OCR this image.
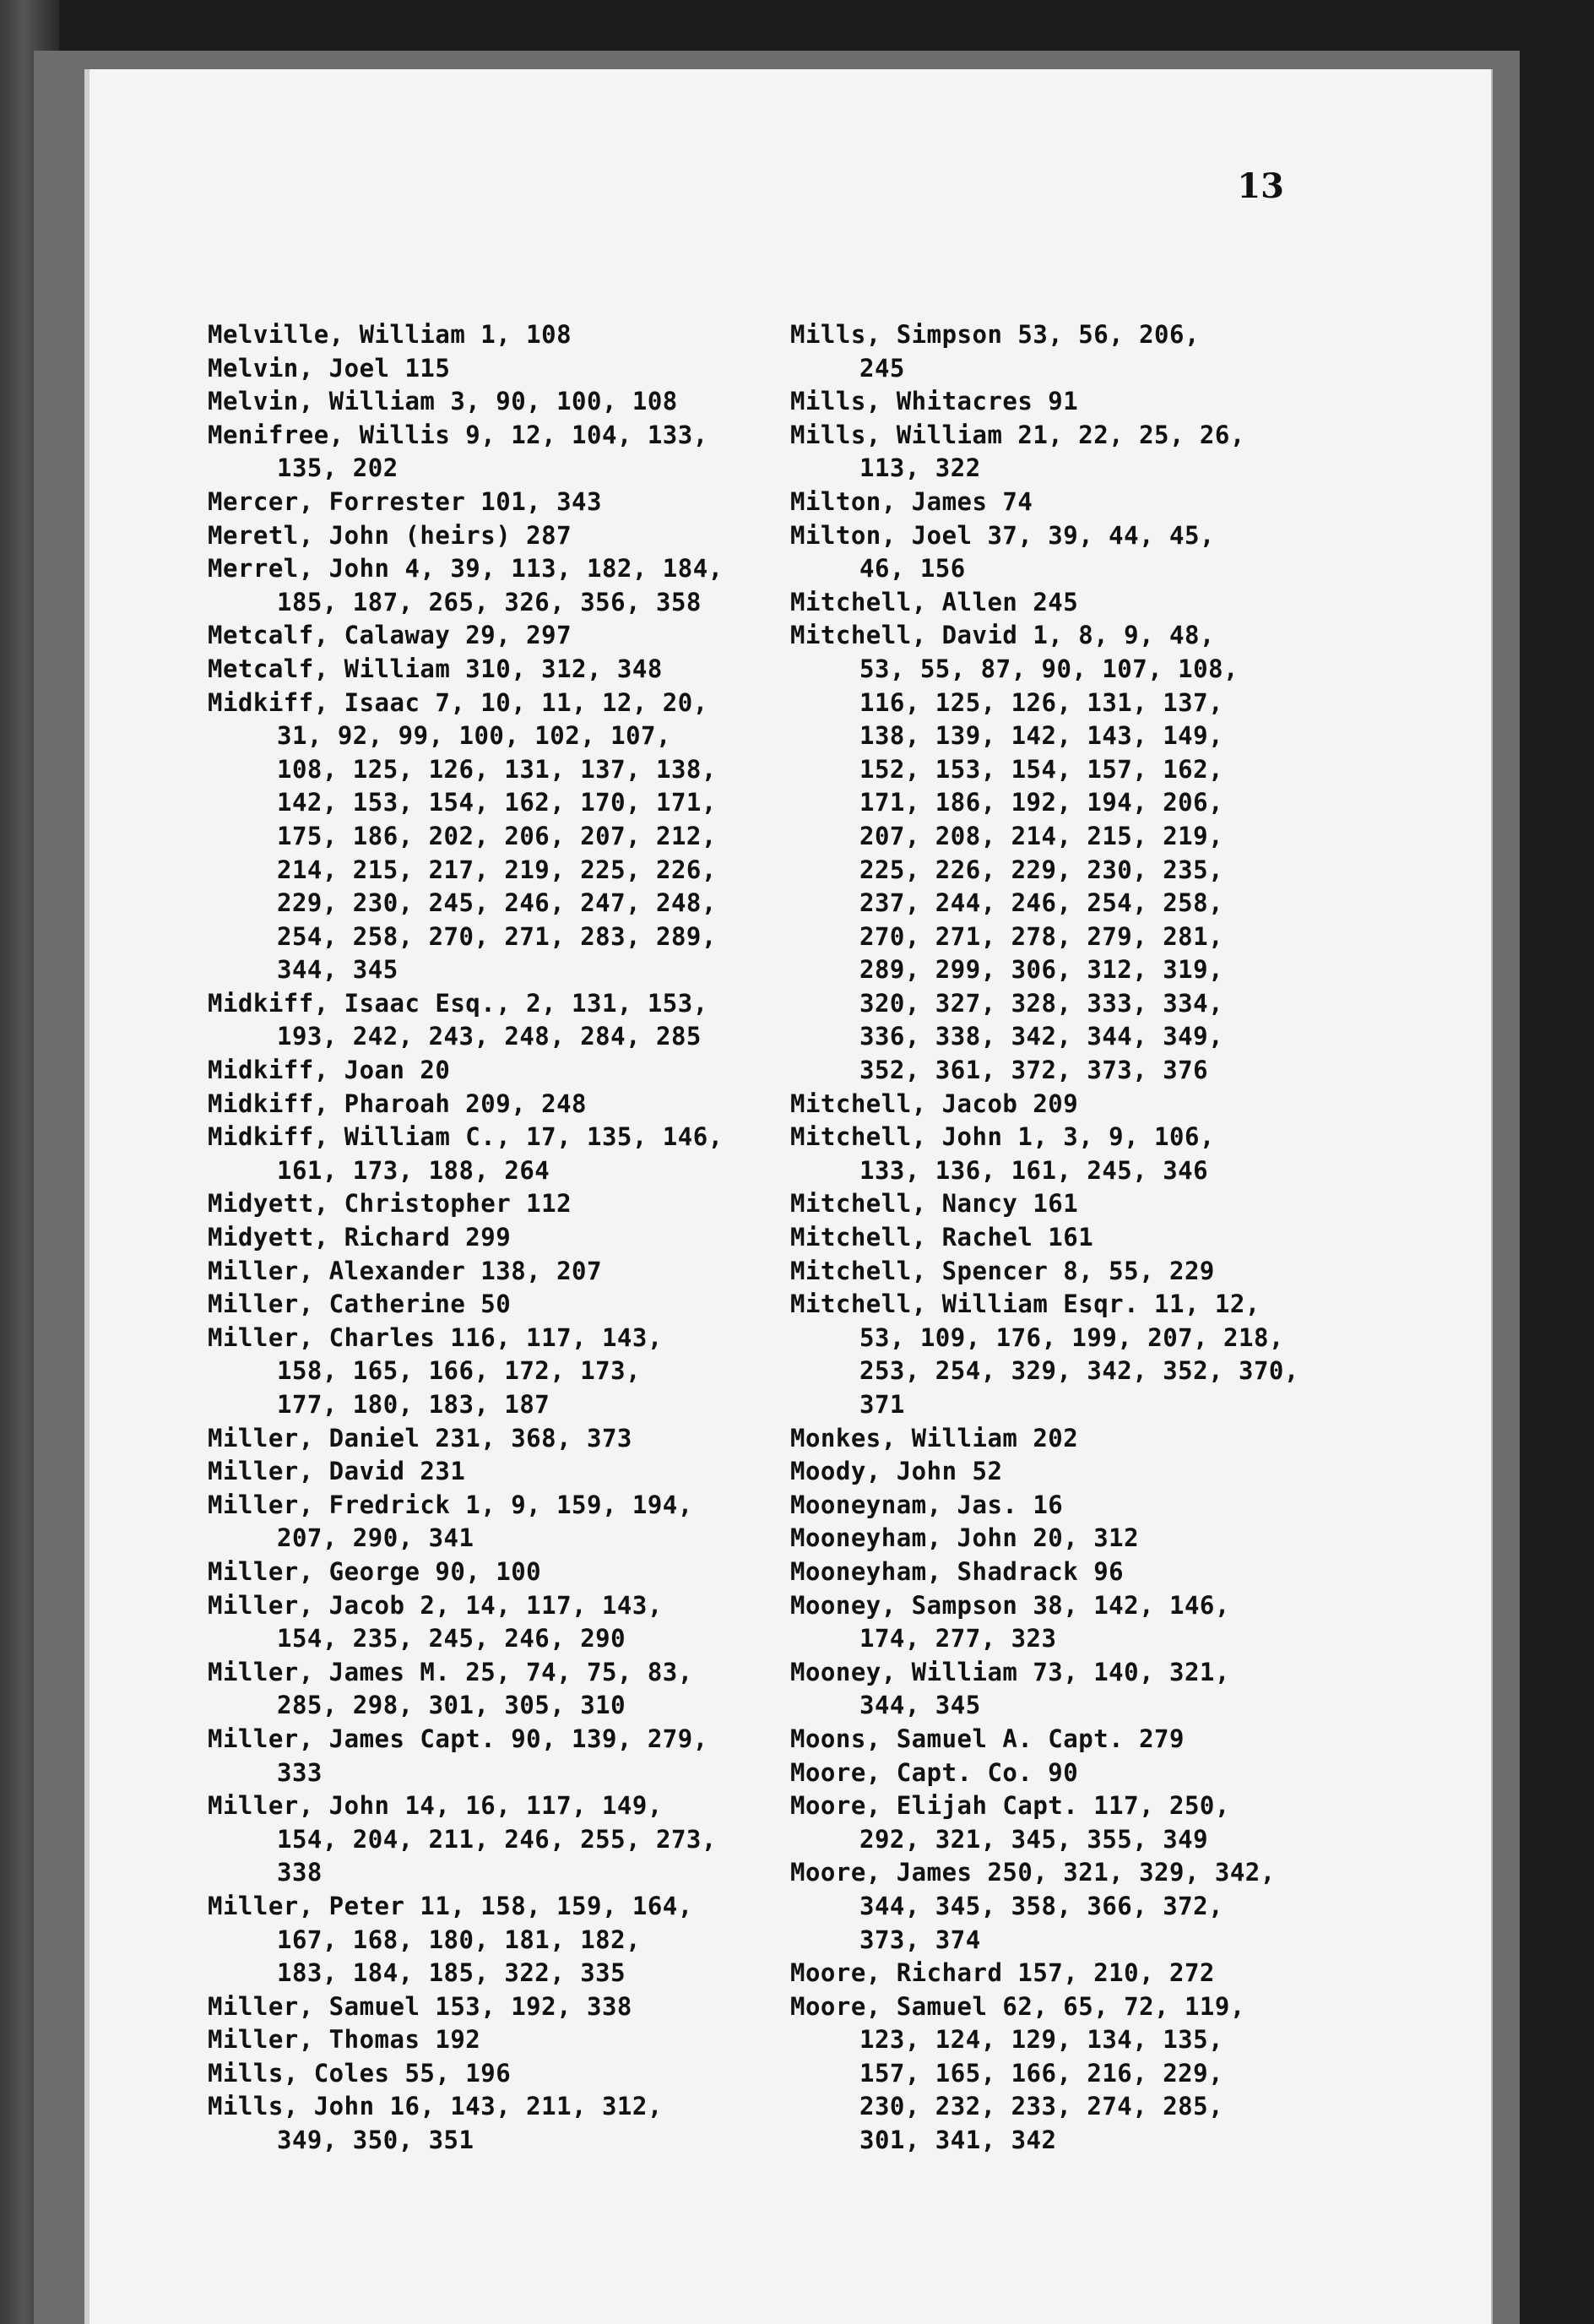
13
Melville, William 1, 108
Melvin, Joel 115
Melvin, William 3, 90, 100, 108
Menifree, Willis 9, 12, 104, 133,
135, 202
Mercer, Forrester 101, 343
Meretl, John (heirs) 287
Merrel, John 4, 39, 113, 182, 184,
185, 187, 265, 326, 356, 358
Metcalf, Calaway 29, 297
Metcalf, William 310, 312, 348
Midkiff, Isaac 7, 10, 11, 12, 20,
31, 92, 99, 100, 102, 107,
108, 125, 126, 131, 137, 138,
142, 153, 154, 162, 170, 171,
175, 186, 202, 206, 207, 212,
214, 215, 217, 219, 225, 226,
229, 230, 245, 246, 247, 248,
254, 258, 270, 271, 283, 289,
344, 345
Midkiff, Isaac Esq., 2, 131, 153,
193, 242, 243, 248, 284, 285
Midkiff, Joan 20
Midkiff, Pharoah 209, 248
Midkiff, William C., 17, 135, 146,
161, 173, 188, 264
Midyett, Christopher 112
Midyett, Richard 299
Miller, Alexander 138, 207
Miller, Catherine 50
Miller, Charles 116, 117, 143,
158, 165, 166, 172, 173,
177, 180, 183, 187
Miller, Daniel 231, 368, 373
Miller, David 231
Miller, Fredrick 1, 9, 159, 194,
207, 290, 341
Miller, George 90, 100
Miller, Jacob 2, 14, 117, 143,
154, 235, 245, 246, 290
Miller, James M. 25, 74, 75, 83,
285, 298, 301, 305, 310
Miller, James Capt. 90, 139, 279,
333
Miller, John 14, 16, 117, 149,
154, 204, 211, 246, 255, 273,
338
Miller, Peter 11, 158, 159, 164,
167, 168, 180, 181, 182,
183, 184, 185, 322, 335
Miller, Samuel 153, 192, 338
Miller, Thomas 192
Mills, Coles 55, 196
Mills, John 16, 143, 211, 312,
349, 350, 351
Mills, Simpson 53, 56, 206,
245
Mills, Whitacres 91
Mills, William 21, 22, 25, 26,
113, 322
Milton, James 74
Milton, Joel 37, 39, 44, 45,
46, 156
Mitchell, Allen 245
Mitchell, David 1, 8, 9, 48,
53, 55, 87, 90, 107, 108,
116, 125, 126, 131, 137,
138, 139, 142, 143, 149,
152, 153, 154, 157, 162,
171, 186, 192, 194, 206,
207, 208, 214, 215, 219,
225, 226, 229, 230, 235,
237, 244, 246, 254, 258,
270, 271, 278, 279, 281,
289, 299, 306, 312, 319,
320, 327, 328, 333, 334,
336, 338, 342, 344, 349,
352, 361, 372, 373, 376
Mitchell, Jacob 209
Mitchell, John 1, 3, 9, 106,
133, 136, 161, 245, 346
Mitchell, Nancy 161
Mitchell, Rachel 161
Mitchell, Spencer 8, 55, 229
Mitchell, William Esqr. 11, 12,
53, 109, 176, 199, 207, 218,
253, 254, 329, 342, 352, 370,
371
Monkes, William 202
Moody, John 52
Mooneynam, Jas. 16
Mooneyham, John 20, 312
Mooneyham, Shadrack 96
Mooney, Sampson 38, 142, 146,
174, 277, 323
Mooney, William 73, 140, 321,
344, 345
Moons, Samuel A. Capt. 279
Moore, Capt. Co. 90
Moore, Elijah Capt. 117, 250,
292, 321, 345, 355, 349
Moore, James 250, 321, 329, 342,
344, 345, 358, 366, 372,
373, 374
Moore, Richard 157, 210, 272
Moore, Samuel 62, 65, 72, 119,
123, 124, 129, 134, 135,
157, 165, 166, 216, 229,
230, 232, 233, 274, 285,
301, 341, 342
